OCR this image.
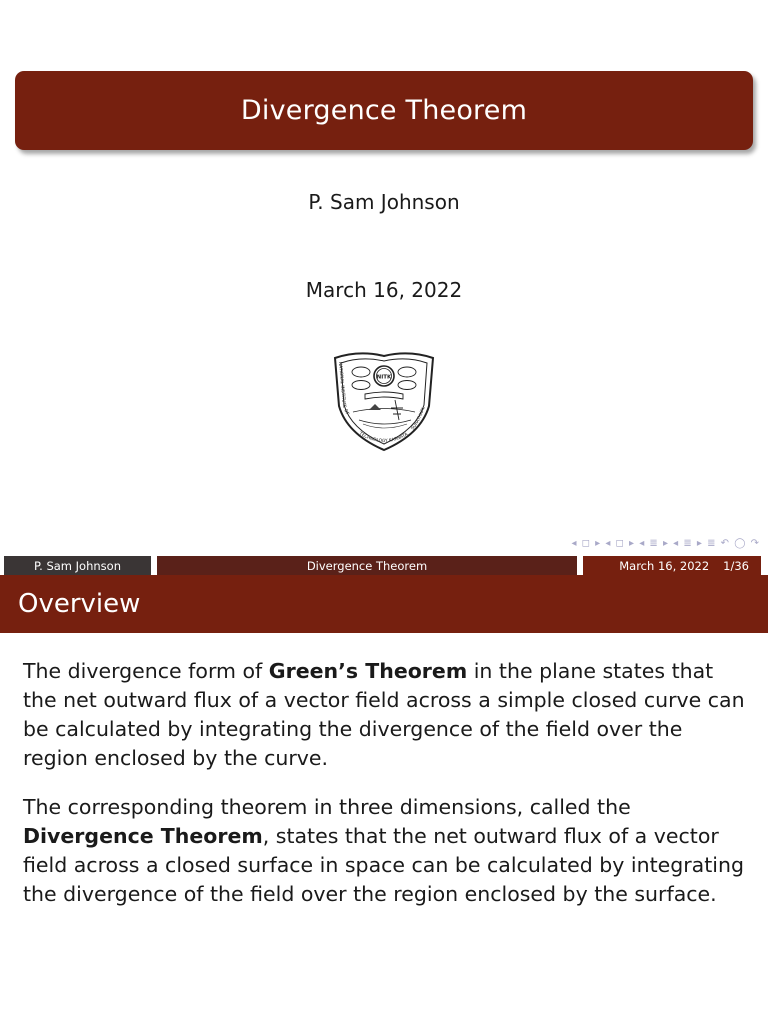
Divergence Theorem
P. Sam Johnson
March 16, 2022
NATIONAL INSTITUTE OF
TECHNOLOGY KARNATA
SURATHKAL
NITK
◂ ◻ ▸ ◂ ◻ ▸ ◂ ≣ ▸ ◂ ≣ ▸ ≣ ↶ ◯ ↷
P. Sam Johnson	Divergence Theorem	March 16, 2022 1/36
Overview

The divergence form of Green’s Theorem in the plane states that the net outward flux of a vector field across a simple closed curve can be calculated by integrating the divergence of the field over the region enclosed by the curve.

The corresponding theorem in three dimensions, called the Divergence Theorem, states that the net outward flux of a vector field across a closed surface in space can be calculated by integrating the divergence of the field over the region enclosed by the surface.
